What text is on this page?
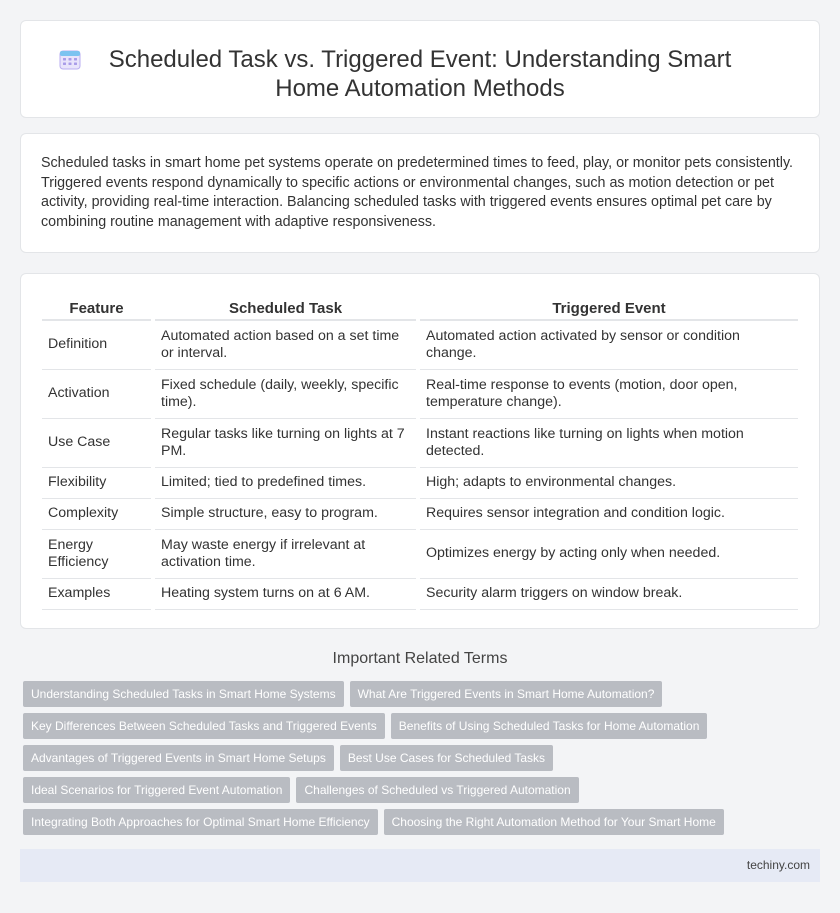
Scheduled Task vs. Triggered Event: Understanding Smart Home Automation Methods

Scheduled tasks in smart home pet systems operate on predetermined times to feed, play, or monitor pets consistently. Triggered events respond dynamically to specific actions or environmental changes, such as motion detection or pet activity, providing real-time interaction. Balancing scheduled tasks with triggered events ensures optimal pet care by combining routine management with adaptive responsiveness.

Feature	Scheduled Task	Triggered Event
Definition	Automated action based on a set time or interval.	Automated action activated by sensor or condition change.
Activation	Fixed schedule (daily, weekly, specific time).	Real-time response to events (motion, door open, temperature change).
Use Case	Regular tasks like turning on lights at 7 PM.	Instant reactions like turning on lights when motion detected.
Flexibility	Limited; tied to predefined times.	High; adapts to environmental changes.
Complexity	Simple structure, easy to program.	Requires sensor integration and condition logic.
Energy Efficiency	May waste energy if irrelevant at activation time.	Optimizes energy by acting only when needed.
Examples	Heating system turns on at 6 AM.	Security alarm triggers on window break.
Important Related Terms
Understanding Scheduled Tasks in Smart Home Systems	What Are Triggered Events in Smart Home Automation?
Key Differences Between Scheduled Tasks and Triggered Events	Benefits of Using Scheduled Tasks for Home Automation
Advantages of Triggered Events in Smart Home Setups	Best Use Cases for Scheduled Tasks
Ideal Scenarios for Triggered Event Automation	Challenges of Scheduled vs Triggered Automation
Integrating Both Approaches for Optimal Smart Home Efficiency	Choosing the Right Automation Method for Your Smart Home
techiny.com
